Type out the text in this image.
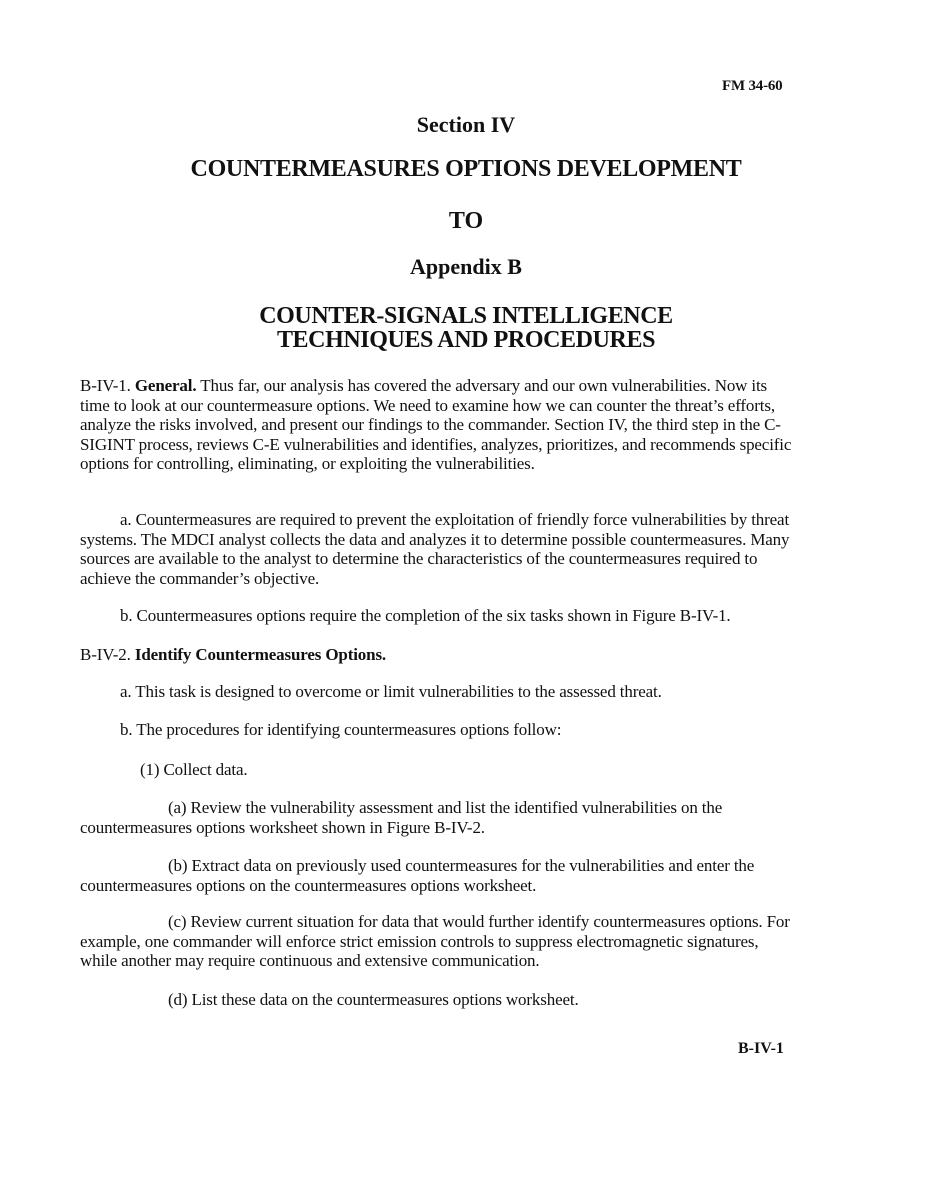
FM 34-60
Section IV
COUNTERMEASURES OPTIONS DEVELOPMENT
TO
Appendix B
COUNTER-SIGNALS INTELLIGENCE TECHNIQUES AND PROCEDURES
B-IV-1. General. Thus far, our analysis has covered the adversary and our own vulnerabilities. Now its time to look at our countermeasure options. We need to examine how we can counter the threat’s efforts, analyze the risks involved, and present our findings to the commander. Section IV, the third step in the C-SIGINT process, reviews C-E vulnerabilities and identifies, analyzes, prioritizes, and recommends specific options for controlling, eliminating, or exploiting the vulnerabilities.
a. Countermeasures are required to prevent the exploitation of friendly force vulnerabilities by threat systems. The MDCI analyst collects the data and analyzes it to determine possible countermeasures. Many sources are available to the analyst to determine the characteristics of the countermeasures required to achieve the commander’s objective.
b. Countermeasures options require the completion of the six tasks shown in Figure B-IV-1.
B-IV-2. Identify Countermeasures Options.
a. This task is designed to overcome or limit vulnerabilities to the assessed threat.
b. The procedures for identifying countermeasures options follow:
(1) Collect data.
(a) Review the vulnerability assessment and list the identified vulnerabilities on the countermeasures options worksheet shown in Figure B-IV-2.
(b) Extract data on previously used countermeasures for the vulnerabilities and enter the countermeasures options on the countermeasures options worksheet.
(c) Review current situation for data that would further identify countermeasures options. For example, one commander will enforce strict emission controls to suppress electromagnetic signatures, while another may require continuous and extensive communication.
(d) List these data on the countermeasures options worksheet.
B-IV-1
